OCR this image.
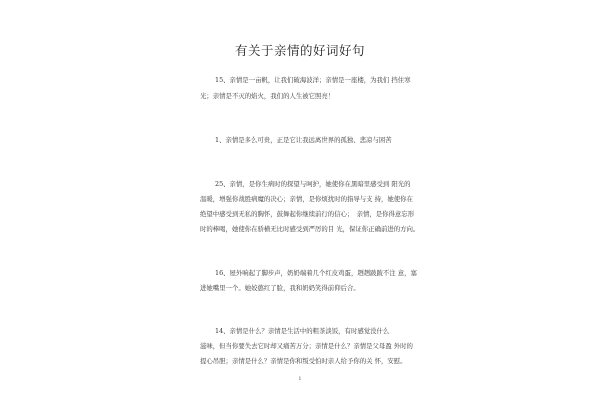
有关于亲情的好词好句
15、亲情是一亩帆，让我们破海波洋；亲情是一座楼，为我们 挡住寒
光；亲情是不灭的焰火，我们的人生被它照亮！
1、亲情是多么可贵，正是它让我远离世界的孤独、悲凉与困苦
25、亲情，是你生病时的探望与呵护，她使你在黑暗里感受到 阳光的
温暖，增强你战胜病魔的决心；亲情，是你烦扰时的指导与支 持，她使你在
绝望中感受到无私的胸怀，鼓舞起你继续前行的信心；　亲情，是你得意忘形
时的棒喝，她使你在骄横无比时感受到严厉的目 光，保证你正确前进的方向。
16、屋外响起了脚步声，奶奶端着几个红皮鸡蛋，趔趔跛跛不注 意，塞
进她嘴里一个。她姣憨红了脸，我和奶奶笑得前仰后合。
14、亲情是什么？亲情是生活中的粗茶淡饭，有时感觉没什么
滋味，但当你要失去它时却又痛苦万分；亲情是什么？亲情是父母盈 外时的
提心吊胆；亲情是什么？亲情是你和叛受怕时亲人给予你的关 怀，安慰。
1
